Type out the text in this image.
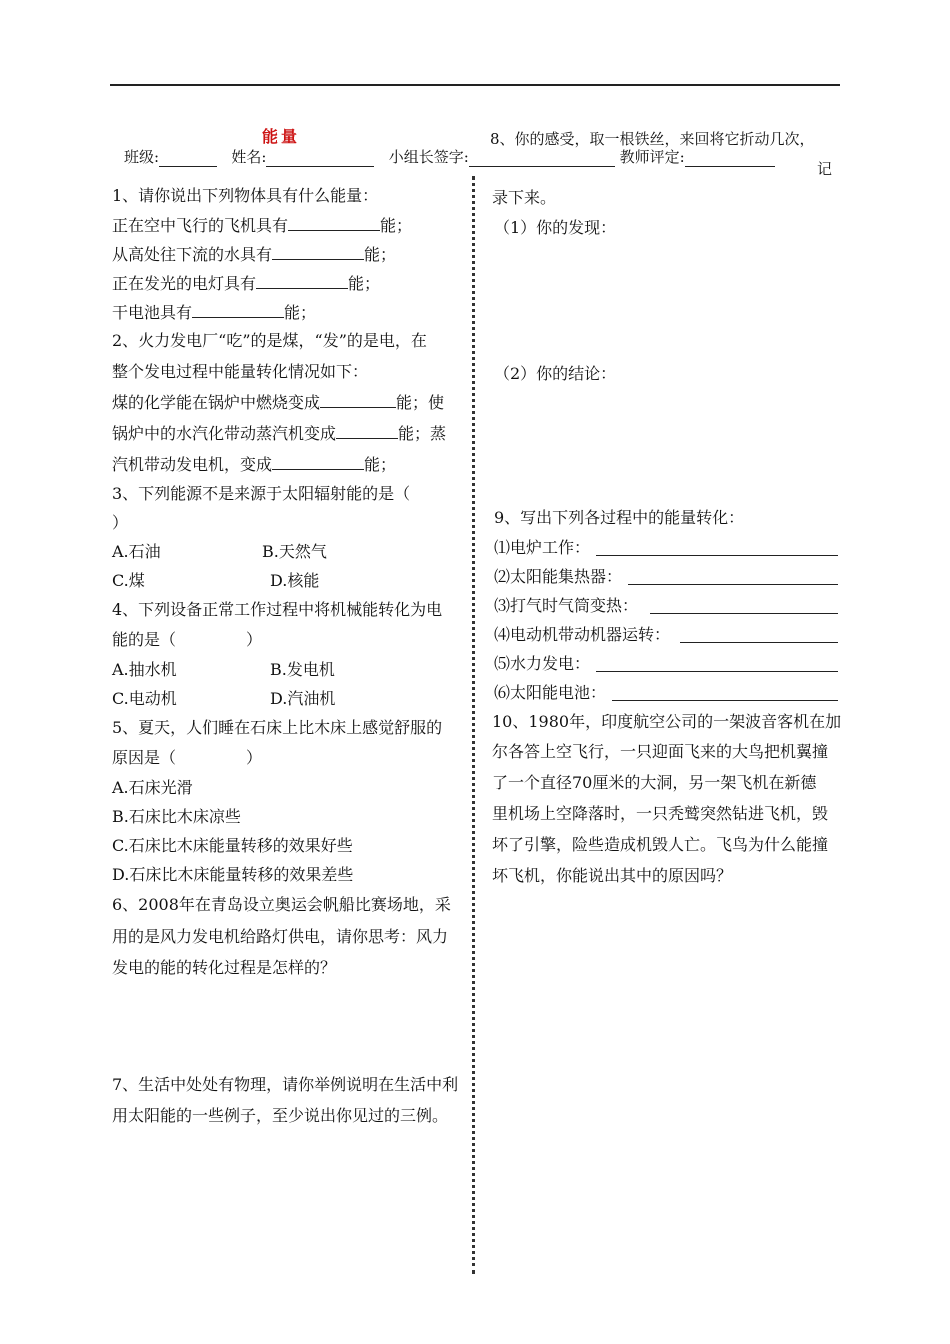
能量	8、你的感受，取一根铁丝，来回将它折动几次，
记
班级:	姓名:	小组长签字:	教师评定:
1、请你说出下列物体具有什么能量：
正在空中飞行的飞机具有	能；
从高处往下流的水具有	能；
正在发光的电灯具有	能；
干电池具有	能；
2、火力发电厂“吃”的是煤，“发”的是电，在
整个发电过程中能量转化情况如下：
煤的化学能在锅炉中燃烧变成	能；使
锅炉中的水汽化带动蒸汽机变成	能；蒸
汽机带动发电机，变成	能；
3、下列能源不是来源于太阳辐射能的是（
）
A.石油	B.天然气
C.煤	D.核能
4、下列设备正常工作过程中将机械能转化为电
能的是（	）
A.抽水机	B.发电机
C.电动机	D.汽油机
5、夏天，人们睡在石床上比木床上感觉舒服的
原因是（	）
A.石床光滑
B.石床比木床凉些
C.石床比木床能量转移的效果好些
D.石床比木床能量转移的效果差些
6、2008年在青岛设立奥运会帆船比赛场地，采
用的是风力发电机给路灯供电，请你思考：风力
发电的能的转化过程是怎样的？
7、生活中处处有物理，请你举例说明在生活中利
用太阳能的一些例子，至少说出你见过的三例。
录下来。
（1）你的发现：
（2）你的结论：
9、写出下列各过程中的能量转化：
⑴电炉工作：
⑵太阳能集热器：
⑶打气时气筒变热：
⑷电动机带动机器运转：
⑸水力发电：
⑹太阳能电池：
10、1980年，印度航空公司的一架波音客机在加
尔各答上空飞行，一只迎面飞来的大鸟把机翼撞
了一个直径70厘米的大洞，另一架飞机在新德
里机场上空降落时，一只秃鹫突然钻进飞机，毁
坏了引擎，险些造成机毁人亡。飞鸟为什么能撞
坏飞机，你能说出其中的原因吗？
